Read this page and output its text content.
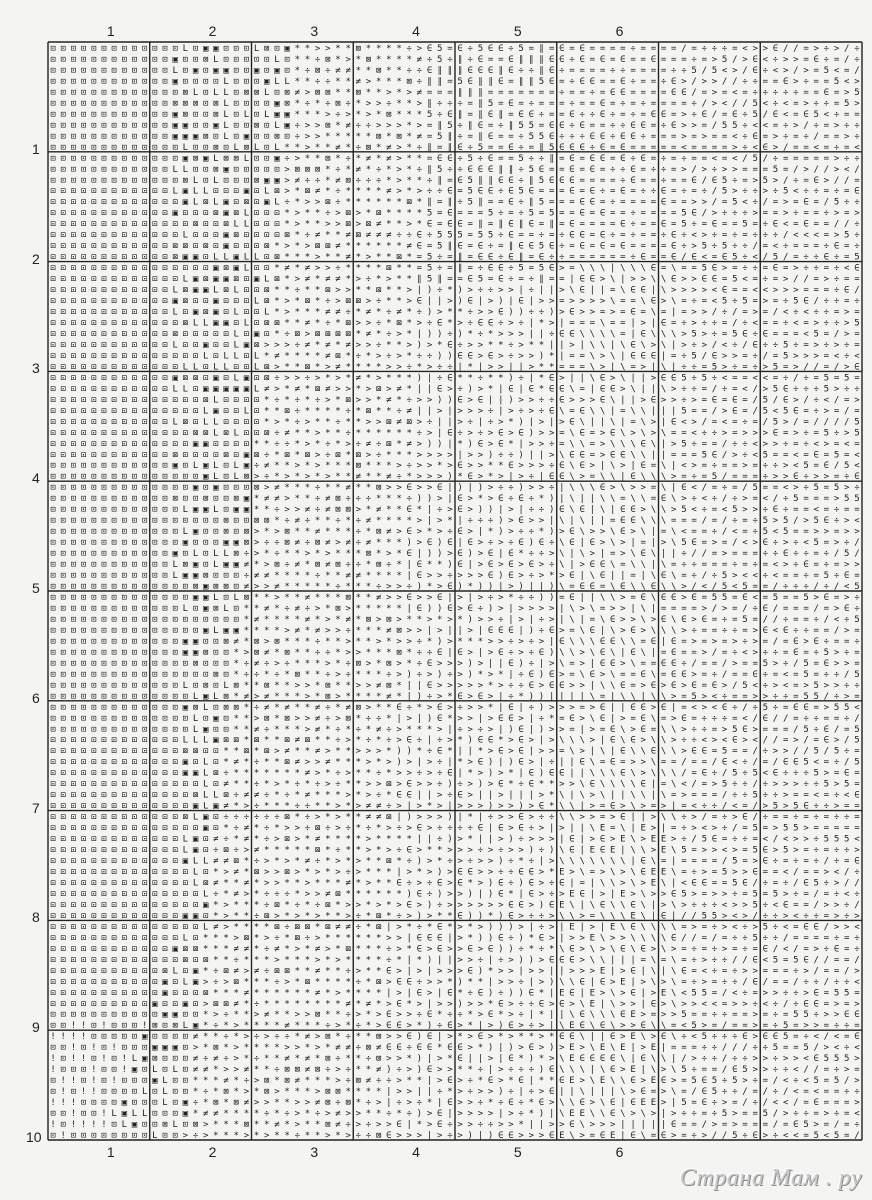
⊡ ⊡ ⊡ ⊡ ⊡ ⊡ ⊡ ⊡ ⊡ ⊡ ⊡ ⊡ ⊡ L ⊡ ▣ ▣ ⊡ ⊡ ⊡ L ⊠ ⊡ ▣ * * > > * * ⊠ * * * * ÷ > ∈ 5 = ∈ ÷ 5 ∈ ∈ ÷ 5 = ∥ = ∈ = ∈ = = = = ÷ = = = = / = ÷ ÷ ÷ = < > > ∈ / / = > ÷ > / ÷
⊡ ⊡ ⊡ ⊡ ⊡ ⊡ ⊡ ⊡ ⊡ ⊡ ⊡ ⊡ ▣ ⊡ ⊡ ⊠ L ⊡ ⊡ ⊡ ⊡ ⊡ L ⊡ * * ÷ ⊠ * > * ⊠ * * * * ≠ ÷ 5 ÷ ∥ ÷ ∈ = = ∈ ∥ ∥ ∥ ∈ ∈ ÷ ∈ = ∈ = ∈ = = ∈ = = = ÷ = > 5 / > ∈ < ÷ > > = ∈ ÷ = / ÷
⊡ ⊡ ⊡ ⊡ ⊡ ⊡ ⊡ ⊡ ⊡ ⊡ ⊡ ⊡ L ⊡ ▣ ⊡ ▣ ▣ ⊡ ⊡ ▣ ⊡ ▣ ⊡ * ÷ ⊠ ÷ ≠ ≠ * * ⊠ * * ÷ ÷ ∈ ∥ ∥ ∥ ∈ ∈ ∈ ∥ ∈ ÷ ÷ ∥ ∈ ÷ = = = = ÷ ÷ = = = = ÷ ÷ 5 / 5 < > / ∈ ÷ < > / > = 5 < = /
⊡ ⊡ ⊡ ⊡ ⊡ ⊡ ⊡ ⊡ ⊡ ⊡ ⊡ ⊡ ▣ ⊡ ⊡ ⊡ ⊡ L ⊡ ⊡ ⊡ ▣ L L * * ÷ ÷ * * ≠ > * * * ⊠ ÷ ∥ ∥ = 5 ∈ ∥ ∥ ∈ = ∥ ∥ 5 ∈ = ÷ ∈ ∈ = = ∈ ÷ = = ÷ ∈ > / > > / / ÷ ÷ = = ∈ > ÷ = = 5 < >
⊡ ⊡ ⊡ ⊡ ⊡ ⊡ ⊡ ⊡ ⊡ ⊡ ⊡ ⊡ ⊡ ⊠ L ⊡ L L ⊡ ⊠ ⊠ L ⊡ ⊠ ≠ > ⊠ ⊠ * * ⊠ * * > * > ≠ = = = ∥ ∥ ∥ = = = = = = = ÷ = = ÷ = ∈ ∈ = = = = ∈ ∈ / = > = < = ÷ ÷ ÷ ÷ ÷ = = ∈ = > 5
⊡ ⊡ ⊡ ⊡ ⊡ ⊡ ⊡ ⊡ ⊡ ⊡ ⊡ ⊡ ⊠ ⊠ ⊠ ⊡ ⊠ L ⊡ ⊡ ⊡ ⊡ ▣ ⊠ * ÷ * ÷ ⊠ ÷ * > > ÷ * * > ∥ ÷ ÷ ÷ = ∥ 5 = ∈ = ÷ = = = ÷ = = ∈ = ÷ = ÷ = = = = ÷ / > < / / 5 < ÷ < = > ÷ ÷ = 5 >
⊡ ⊡ ⊡ ⊡ ⊡ ⊡ ⊡ ⊡ ⊡ ⊡ ⊡ ⊡ ▣ ⊠ ⊡ ⊡ ⊠ L ⊡ L ⊡ L ▣ ▣ * * * > ÷ > * > * ⊠ * * * 5 ÷ ∈ ∥ = ∥ ∈ ∥ = ∈ ∈ ÷ = = ∈ ÷ ÷ ∈ ÷ = ÷ = ∈ ∈ = > ÷ ∈ / = ∈ ÷ 5 / ∈ < = ∈ 5 < ÷ = =
⊡ ⊡ ⊡ ⊡ ⊡ ⊡ ⊡ ⊡ ⊡ ⊡ ⊡ ⊡ ▣ ▣ ⊡ ⊡ ▣ L ⊡ ⊡ ⊠ ⊡ L ▣ ÷ > > ⊠ * ≠ ÷ ÷ > > > * > = ∥ 5 ÷ ∥ ∈ = ÷ ∥ 5 5 = ∈ ∈ ÷ ∈ = = ÷ ÷ ∈ ∈ = ÷ ∈ > > = / 5 5 ÷ < < = ÷ > / ÷ = > ÷ ÷
⊡ ⊡ ⊡ ⊡ ⊡ ⊡ ⊡ ⊡ ⊡ ⊡ ⊡ ⊡ ▣ ▣ ▣ ⊠ ⊡ L ⊡ ▣ ⊡ ⊡ ⊠ ⊡ ÷ > > * * * * * ⊠ * ⊠ * ≠ = 5 ∥ ÷ = ∥ ∈ = = ÷ 5 5 ∈ ÷ ÷ ÷ ∈ ∈ ÷ ∈ ∈ ÷ = = = > = > = = < ÷ ∈ = > ÷ = ÷ / = = > ÷
⊡ ⊡ ⊡ ⊡ ⊡ ⊡ ⊡ ⊡ ⊡ ⊡ ⊡ ⊡ ⊡ L ⊡ ⊡ ⊠ ⊡ L ⊠ L ⊡ L * * > * * ≠ * ÷ ⊠ * ≠ > * ÷ ∥ = ∥ ∈ ÷ 5 = = ∈ ÷ = ∥ 5 ∈ ∈ ∈ ÷ ∈ = ∈ = = = = = < = = = = > ÷ < ∈ > / = = < = ÷ = <
⊡ ⊡ ⊡ ⊡ ⊡ ⊡ ⊡ ⊡ ⊡ ⊡ ⊡ ⊡ ⊡ ▣ ⊠ ▣ L ⊠ ⊠ L ⊡ ⊡ ▣ ÷ > * * ⊠ * ÷ * ≠ * ≠ > * * = ∈ ∈ ÷ 5 ÷ ∈ = = 5 ÷ ÷ ∥ = ∈ = ∈ ∈ = ∈ ÷ ∈ = ÷ = ÷ = = < = < / 5 / ÷ = = = = = > ÷ ÷
⊡ ⊡ ⊡ ⊡ ⊡ ⊡ ⊡ ⊡ ⊡ ⊡ ⊡ ⊡ L L ⊡ ⊡ ⊠ ▣ ⊡ ⊡ ⊡ ⊡ ⊡ > ⊠ ⊠ ⊠ * ÷ * ≠ * ÷ * > * ÷ ∥ 5 ÷ ÷ ∈ ∈ ∈ ∥ ∥ ÷ 5 ∈ = = ∈ = ∈ = ÷ ÷ ∈ = ÷ ÷ = > / > ÷ > > = = = 5 = / > / / > < /
⊡ ⊡ ⊡ ⊡ ⊡ ⊡ ⊡ ⊡ ⊡ ⊡ ⊡ ⊡ ⊡ ⊠ L ⊡ L ⊡ ⊡ ⊡ ⊠ ▣ ▣ > ≠ ÷ ÷ * ≠ ⊠ ÷ ÷ ÷ * > * * ÷ ∥ = ∈ 5 ∥ ∥ ∈ ∈ ÷ ∥ 5 ∈ ∈ ∈ = = = = ÷ ∈ = = ÷ = = ∈ / ∈ 5 ÷ = > 5 > / ÷ = ∈ > / / =
⊡ ⊡ ⊡ ⊡ ⊡ ⊡ ⊡ ⊡ ⊡ ⊡ ⊡ ⊡ L ▣ L L ⊡ ⊡ ⊡ ▣ ⊡ L ⊠ > * ⊠ ≠ * ÷ * * * * ≠ > * > ÷ ÷ ∈ = 5 ∈ ∈ ÷ ∈ 5 ∈ = = = ∈ = ∈ ÷ = ∈ = ÷ ÷ ∈ = ÷ = ÷ / 5 > ÷ ÷ > ÷ 5 < ÷ ÷ = ÷ = ∈
⊡ ⊡ ⊡ ⊡ ⊡ ⊡ ⊡ ⊡ ⊡ ⊡ ⊡ ⊡ ⊡ ▣ L ⊠ L ▣ ⊡ ⊠ ⊡ ▣ L ÷ * > > ⊠ ÷ * * * * * * ⊠ * ∥ = ∥ ÷ 5 ∥ = = ∈ ÷ ∥ 5 = = = ∈ ∈ = ÷ = = = = ∈ = = > > / = 5 < ÷ / = > = ∈ = / 5 ÷ ÷
⊡ ⊡ ⊡ ⊡ ⊡ ⊡ ⊡ ⊡ ⊡ ⊡ ⊡ ⊡ ▣ ⊡ ⊡ ⊡ ⊠ ▣ ⊠ L ⊡ ⊡ ⊡ * > * * ÷ > ⊠ > * ⊠ * * * * 5 = ∈ = = = 5 ÷ = ÷ 5 = 5 = = ∈ = ∈ = = ÷ = = = = 5 ∈ / > ÷ ÷ ÷ > = = > ÷ = = ÷ > = >
⊡ ⊡ ⊡ ⊡ ⊡ ⊡ ⊡ ⊡ ⊡ ⊡ ⊡ ⊡ ⊡ ⊡ ⊠ ⊡ ⊡ ⊠ L L ⊡ ⊡ ⊡ * > * * > > ⊠ > ⊠ ≠ * * > * ∈ = ∈ ∈ = ∥ = ∥ ∈ ∥ ∈ = ∥ = ∈ = = = = ∈ ÷ = = ∈ = 5 ÷ = ∈ = = 5 = ÷ ∈ < = ∈ = = / / ÷
⊡ ⊡ ⊡ ⊡ ⊡ ⊡ ⊡ ⊡ ⊡ ⊡ ⊡ ⊡ ⊡ L ⊡ ⊡ ⊡ ▣ ⊠ ⊡ ⊡ ⊡ ⊡ ⊠ * ÷ ≠ * * ≠ ⊠ ≠ ≠ ≠ ÷ ÷ ∈ ÷ 5 5 5 = 5 5 ÷ ∈ = = ÷ = ÷ ∈ ∈ = ∈ ÷ = ÷ = = ÷ ∈ ÷ < > ÷ = ÷ = ÷ ÷ ÷ / < < < = > 5 ÷
⊡ ⊡ ⊡ ⊡ ⊡ ⊡ ⊡ ⊡ ⊡ ⊡ ⊡ ⊡ ⊠ ⊠ ⊡ ⊠ ⊡ ▣ ⊡ ⊡ ⊡ ⊠ * > * > ⊠ ⊠ ≠ * * * * * * ≠ ∈ = 5 ∥ ∈ = ∈ ÷ = ∥ ∈ ∈ 5 ∈ ÷ = ∈ = ∈ = ∈ = = = = ∈ ÷ > 5 ÷ 5 ÷ ÷ / = < ÷ = = = ÷ ∈ = ÷
⊡ ⊡ ⊡ ⊡ ⊡ ⊡ ⊡ ⊡ ⊡ ⊡ ⊡ ⊡ ⊠ ▣ ▣ ⊡ L L ▣ L L ⊡ ⊠ * * * > * * ≠ * > * * ⊠ * = 5 ÷ = ∥ = ∈ ∈ ÷ ∈ ∥ = ∈ ÷ ÷ = = = = = = ÷ ∈ = = ∈ / ∈ < = ∈ 5 ÷ < / 5 / = ÷ ÷ ∈ ÷ = 5
⊡ ⊡ ⊡ ⊡ ⊡ ⊡ ⊡ ⊡ ⊡ ⊡ ⊡ ⊡ ⊡ ⊡ ⊡ ⊡ ▣ ⊠ ▣ L ⊡ ⊡ * ≠ * ≠ > > ÷ * * * * ⊠ * * = 5 ÷ = ∥ = ÷ ∈ ∈ ÷ 5 = 5 ∈ > = \ \ \ | \ \ \ ∈ = \ = = 5 ∈ > = ÷ ÷ = ∈ = > ÷ ÷ = ÷ < ∈
⊡ ⊡ ⊡ ⊡ ⊡ ⊡ ⊡ ⊡ ⊡ ⊡ ⊡ ⊡ ⊡ L ▣ ⊠ ▣ ▣ ⊠ ⊡ ▣ L ⊠ * > ≠ * ≠ ≠ * > ÷ * > * * ∥ 5 ∥ = = ∈ 5 = ∈ ÷ = ÷ ∥ = = | ∈ ∈ > \ | > > \ \ ∈ > > ∈ ∈ = 5 < = ÷ = > / / = > ÷ = =
⊡ ⊡ ⊡ ⊡ ⊡ ⊡ ⊡ ⊡ ⊡ ⊡ ⊡ ⊡ L ⊠ ▣ ▣ L ⊠ L ⊡ ⊡ ⊠ * * ÷ * * ⊠ > > * * ⊠ * * > | ) ÷ * ) > ÷ ÷ > > | ÷ | | > \ ∈ | | = \ ∈ ∈ | \ > > > > < ∈ = = < < > > > = = = ÷ ∈ /
⊡ ⊡ ⊡ ⊡ ⊡ ⊡ ⊡ ⊡ ⊡ ⊡ ⊡ ⊡ ▣ ⊠ ⊡ ⊡ ▣ ⊡ ⊡ ⊡ L ⊠ * > * ⊠ * ÷ > ⊠ ⊠ > ÷ * * > ∈ | | > ) ∈ | > ) | ∈ | > > = > > > > \ = = \ ∈ > \ = ÷ = < 5 ÷ 5 = > = ÷ 5 ∈ / ÷ ÷ = ÷
⊡ ⊡ ⊡ ⊡ ⊡ ⊡ ⊡ ⊡ ⊡ ⊡ ⊡ ⊡ L ⊡ ▣ ⊠ ▣ ⊡ L ⊡ ⊡ L * > * * * ≠ ≠ ÷ * ≠ * ÷ ≠ * ÷ ) > * * ÷ > > ∈ ) ) ÷ ÷ ) > ∈ > > = > = ∈ = \ = | = > > / ÷ / = > = / < ÷ < ÷ ÷ = > =
⊡ ⊡ ⊡ ⊡ ⊡ ⊡ ⊡ ⊡ ⊡ ⊡ ⊡ ⊡ ⊡ ⊠ L L ▣ ▣ ⊡ L ⊡ ⊠ ⊠ * * ≠ * ÷ * ⊠ > > ÷ * ⊠ * > ÷ ∈ * > ÷ ∈ ∈ ÷ > ÷ | * > | = = = \ = = | > | ∈ = ÷ > ÷ ÷ = / ÷ < = = ÷ < = > ÷ ÷ > 5
⊡ ⊡ ⊡ ⊡ ⊡ ⊡ ⊡ ⊡ ⊡ ⊡ ⊡ ⊡ ⊠ ⊡ ⊡ ⊡ ⊡ ⊡ L ⊡ ▣ ⊡ * ÷ ⊠ > ⊠ ⊠ ⊠ ⊠ * ≠ * ÷ > * | ) ) ÷ ) * ÷ * > > > | | ÷ ∈ ∈ \ \ \ \ = | ∈ \ \ \ > 5 > ÷ = 5 ∈ ÷ ∈ = = = < 5 = / > =
⊡ ⊡ ⊡ ⊡ ⊡ ⊡ ⊡ ⊡ ⊡ ⊡ ⊡ ⊡ L ⊡ ⊡ ▣ ⊡ ⊡ L ▣ ⊠ > > > ÷ ≠ * ≠ * ≠ > > ÷ * * > ) > * ∈ ÷ > > * * ÷ > * * | | > | \ \ | \ ∈ \ > \ | > ÷ > / < ÷ / ∈ ÷ ÷ 5 ÷ = > ÷ > ÷ =
⊡ ⊡ ⊡ ⊡ ⊡ ⊡ ⊡ ⊡ ⊡ ⊡ ⊡ ⊡ ⊡ ⊡ ⊡ L ⊡ L L ⊡ L * ≠ * * * * ≠ ⊠ * ÷ * > ÷ > * ÷ ÷ ) ) ∈ ∈ > ∈ > ÷ > > ) * | = = \ > \ | ∈ ∈ ∈ | = ÷ 5 / ∈ > > = ÷ / = 5 > > > = < ÷ <
⊡ ⊡ ⊡ ⊡ ⊡ ⊡ ⊡ ⊡ ⊡ ⊡ ⊡ ⊡ ⊡ L L ⊡ L L ⊡ ⊡ L ⊠ > * * ⊠ * > ≠ * * * * > > ÷ * > ÷ ÷ | * | > > | | > * * = = = \ > | \ = > | \ | ÷ ÷ = 5 > ÷ = ÷ > 5 = > / / = / > ∈
⊡ ⊡ ⊡ ⊡ ⊡ ⊡ ⊡ ⊡ ⊡ ⊡ ⊡ ⊡ ▣ ⊠ ⊠ ⊡ ▣ ⊡ L ▣ ⊡ ⊠ ÷ > > ÷ > * > * ≠ * > * * * ) | ÷ ∈ * * ÷ * * ) ÷ | * ∈ > | | \ ∈ > \ | | > ∈ ∈ 5 ÷ 5 ÷ < = = < < = ÷ / ÷ = 5 = 5 =
⊡ ⊡ ⊡ ⊡ ⊡ ⊡ ⊡ ⊡ ⊡ ⊡ ⊡ ⊡ L L ⊡ ▣ ▣ ▣ ▣ ▣ L ≠ > * ≠ * ⊠ ≠ > > * > ⊠ > ≠ * | | ∈ > ÷ ) > * | ∈ | ∈ * ∈ ∈ \ = | ∈ ∈ > \ | | \ > ÷ ÷ = / ÷ = < / > 5 ∈ ÷ ÷ ÷ 5 > ÷ ÷
⊡ ⊡ ⊡ ⊡ ⊡ ⊡ ⊡ ⊡ ⊡ ⊡ ⊡ ⊡ ⊡ ⊡ ⊡ ⊠ L ⊡ ⊡ ⊡ ⊡ * ÷ * ÷ * ÷ > * ⊠ > > * ≠ * ÷ > > ) ) ∈ > ∈ | | ) > > ÷ ÷ ∈ > > > ∈ \ | | > ∈ > > ÷ > = ∈ = ∈ = / 5 / ∈ > / ÷ < / = >
⊡ ⊡ ⊡ ⊡ ⊡ ⊡ ⊡ ⊡ ⊡ ⊡ ⊡ ⊡ ⊡ ⊡ ⊡ L ▣ ⊡ ⊡ L ⊡ * * ⊠ ÷ * * * * ÷ * ⊠ * * ÷ ≠ | | > | > > > ÷ | > ÷ > ÷ ∈ \ = ∈ \ \ | = \ \ | | | 5 = = / > ∈ = / 5 < 5 ∈ = ÷ > = / =
⊡ ⊡ ⊡ ⊡ ⊡ ⊡ ⊡ ⊡ ⊡ ⊡ ⊡ ⊡ L ⊠ ⊡ L L ⊡ ⊡ ⊡ ⊡ * > * ÷ > * * ÷ * * > > ⊠ ≠ ⊠ > ÷ | | > ÷ | ÷ > * ) | > | > ∈ \ | | \ | = \ > | ∈ < > / = < = ÷ = / 5 > / = / / / / 5
⊡ ⊡ ⊡ ⊡ ⊡ ⊡ ⊡ ⊡ ⊡ ⊡ ⊡ ⊡ ⊡ ⊡ ⊠ ⊠ L ⊠ L ⊡ ⊡ ⊠ ÷ ≠ * * > * * ÷ * * * * * * ÷ > | ∈ ÷ > ÷ > ∈ > ∈ ) > > = \ ∈ = > ∈ \ > \ > \ = = < ÷ ÷ > = > > > ∈ = > ÷ = 5 ÷ > 5
⊡ ⊡ ⊡ ⊡ ⊡ ⊡ ⊡ ⊡ ⊡ ⊡ ⊡ ⊡ ⊡ ⊡ ▣ ▣ ⊡ ⊡ ⊡ ⊡ * * ÷ ÷ * > * ÷ * > ÷ ≠ ÷ ⊠ * ≠ > ) ) | * ) ∈ > ∈ * | > > ÷ = \ \ = > \ \ \ ∈ \ | > 5 ÷ = = / ÷ ÷ < > > ÷ = ÷ < > = < =
⊡ ⊡ ⊡ ⊡ ⊡ ⊡ ⊡ ⊡ ⊡ ⊡ ⊡ ⊡ ⊠ ⊡ ⊡ ⊡ ⊡ ⊠ ⊡ ▣ ⊠ ÷ * ⊠ * ⊠ > ÷ ⊠ * ⊠ > ÷ * * * > > > > | > > ) ÷ ÷ ) | | > \ ∈ ∈ = > ∈ ∈ \ \ | | = = = 5 ∈ / > ÷ < 5 = = < = ∈ = 5 = <
⊡ ⊡ ⊡ ⊡ ⊡ ⊡ ⊡ ⊡ ⊡ ⊡ ⊡ ⊡ ▣ ⊡ L ▣ L ⊡ L ▣ ÷ ≠ * * > * > * * * ⊠ * * * > ÷ > > * > ∈ > > * * ∈ > > > ÷ ∈ \ ∈ > | \ > | ∈ = \ | < > = ÷ = = > = ÷ ÷ > < 5 = ∈ / 5 <
⊡ ⊡ ⊡ ⊡ ⊡ ⊡ ⊡ ⊡ ⊡ ⊡ ⊡ ⊡ ⊡ ⊡ ⊡ ▣ L ⊡ L ⊠ > ÷ * > * > * > * * ≠ * * ≠ ÷ * > > > ) * ∈ > * > | > ÷ | ∈ ∈ \ > = \ \ | ∈ \ \ \ > = ÷ = 5 / = = = ÷ > > ∈ ÷ > > = ÷ ∈
⊡ ⊡ ⊡ ⊡ ⊡ ⊡ ⊡ ⊡ ⊡ ⊡ ⊡ ⊡ ⊡ ⊡ ▣ ⊡ ▣ ⊡ ⊡ ⊡ ⊠ > ≠ * * * ÷ * * ≠ * * ⊠ > > ∈ > > ∈ | ) | ) > ÷ ÷ ) > > ÷ | \ \ \ ∈ > \ > > = \ | ∈ < / = ÷ = / 5 = = < > ÷ 5 = 5 > ÷
⊡ ⊡ ⊡ ⊡ ⊡ ⊡ ⊡ ⊡ ⊡ ⊡ ⊡ ⊡ ⊠ ⊡ ⊡ ⊠ ⊡ ⊡ ⊠ ▣ * ≠ ≠ > * * ÷ ≠ ⊠ ÷ ÷ ÷ * * * ÷ ) ) > | ∈ > * > ∈ ÷ ∈ ÷ * ) | \ | | \ \ = \ \ = ∈ \ > ÷ < ÷ / ÷ > = < / ÷ 5 = = = > 5 5
⊡ ⊡ ⊡ ⊡ ⊡ ⊡ ⊡ ⊡ ⊡ ⊡ ⊡ ⊡ ⊡ L ▣ ▣ L ⊡ ▣ ▣ * * ÷ > > ≠ ÷ ≠ ⊠ ⊠ > * ≠ * * ∈ * | ÷ > ∈ > ) ) | > | ÷ ÷ ) ∈ \ ∈ | \ | ∈ ∈ > \ \ > 5 < ÷ = < 5 > > ÷ ∈ ÷ = = < = ÷ = =
⊡ ⊡ ⊡ ⊡ ⊡ ⊡ ⊡ ⊡ ⊡ ⊡ ⊡ ⊡ ⊡ ⊡ ⊡ ⊡ ⊡ ⊠ ⊡ ⊡ ⊠ ⊠ * ÷ ≠ ÷ * * ÷ * ÷ ≠ * * * * > | > * | ÷ ÷ ÷ ) > ∈ > > | \ | \ | | = ∈ ∈ \ \ \ = = = / = / ÷ = ÷ 5 > 5 / > 5 ∈ ÷ > <
⊡ ⊡ ⊡ ⊡ ⊡ ⊡ ⊡ ⊡ ⊡ ⊡ ⊡ ⊡ ⊡ L ▣ ⊡ ⊡ ⊠ ⊡ ⊠ > * > ⊠ * * ≠ * * * ÷ * ⊠ ≠ > ∈ > * > ÷ ∈ > | * ) > ÷ ÷ * ) > ∈ \ > > \ ∈ > \ | = \ < = = ÷ / < = ÷ 5 < 5 = = > > = > >
⊡ ⊡ ⊡ ⊡ ⊡ ⊡ ⊡ ⊡ ⊡ ⊡ ⊡ ⊡ ⊡ ▣ ⊡ ⊡ ⊡ ▣ ▣ ⊠ > ÷ ÷ ⊠ ≠ ÷ ⊠ ≠ > ≠ ÷ ≠ * * * ) > ∈ ) ∈ | ∈ > ÷ > ÷ ∈ ) ∈ ÷ \ ∈ | ∈ > \ > | = | > \ 5 ∈ = > = / < > ∈ ÷ > ÷ < 5 = > ÷ /
⊡ ⊡ ⊡ ⊡ ⊡ ⊡ ⊡ ⊡ ⊡ ⊡ ⊡ ⊡ ▣ ⊡ L ⊡ L L ⊠ ÷ > * ÷ * * > * > * * * ⊠ * > * ∈ | ) ) > ∈ ) > ∈ | ∈ * ÷ ÷ > \ | \ > | = > \ ∈ \ | | ÷ / / = > = = = ÷ ÷ ∈ ÷ ÷ = ÷ / 5 /
⊡ ⊡ ⊡ ⊡ ⊡ ⊡ ⊡ ⊡ ⊡ ⊡ ⊡ ⊡ L ⊠ ▣ ⊡ L ▣ ▣ ≠ * > ⊠ ÷ ≠ * ⊠ ≠ ⊠ ÷ ÷ * ⊠ ÷ * | ∈ * * ) ∈ | > ∈ > ∈ > ∈ > ÷ \ | > ∈ ∈ \ = \ \ | \ = ÷ ÷ = = = ÷ = ÷ = < > ÷ ∈ = ÷ = > >
⊡ ⊡ ⊡ ⊡ ⊡ ⊡ ⊡ ⊡ ⊡ ⊡ ⊡ ⊡ L ▣ ▣ ⊠ ⊡ ⊡ ⊡ ÷ ≠ ≠ * * * * ÷ * * ≠ ≠ * * * * | ∈ > > ÷ > > > ∈ ) ∈ > ÷ > * > ∈ | \ ∈ | | = | \ ∈ \ = ÷ / ÷ 5 > < < ÷ < = = ÷ = 5 ÷ ∈ =
⊡ ⊡ ⊡ ⊡ ⊡ ⊡ ⊡ ⊡ ⊡ ⊡ ⊡ ⊡ ⊡ ⊡ ⊠ ▣ ⊠ ⊠ ⊡ ≠ > > ≠ * * * * * ÷ * * * ÷ > > ÷ ) * > ∈ ) * ) ) | > ) | | ) \ = ∈ ∈ = \ ∈ \ \ ∈ \ \ > / < / 5 < 5 = = / ÷ ÷ ÷ / ÷ / < 5
⊡ ⊡ ⊡ ⊡ ⊡ ⊡ ⊡ ⊡ ⊡ ⊡ ⊡ ⊡ ⊡ ⊡ ▣ ▣ L ⊡ L ⊠ * * > * * ≠ * * * ⊠ * * ≠ > > ∈ > > ∈ | > | > ÷ > * ÷ ÷ ) ) = ∈ | | \ \ > = ∈ \ ∈ ∈ > ∈ = 5 5 = ∈ < = 5 = = 5 > ∈ = > ÷
⊡ ⊡ ⊡ ⊡ ⊡ ⊡ ⊡ ⊡ ⊡ ⊡ ⊡ ⊡ ⊡ L ⊡ ▣ ⊠ L ⊡ * * ≠ * ÷ ≠ ÷ > * ⊠ > * * * * * | ∈ ) ) ∈ > ∈ ÷ ) > | > > > > | \ > \ = > > | \ | = = = = > / > = / ÷ ∈ / = = = / = > ∈ ÷
⊡ ⊡ ⊡ ⊡ ⊡ ⊡ ⊡ ⊡ ⊡ ⊡ ⊡ ⊡ ⊡ ⊡ ⊡ ⊡ ⊡ ⊡ ⊡ * ≠ * * * * ≠ * > * ≠ * ⊠ > ⊠ > * * > * > * ) > > ÷ | > | ÷ > | \ | = \ ∈ > > \ > ∈ \ ∈ > ∈ = ÷ = 5 = / / ÷ = = ÷ / < ÷ 5
⊡ ⊡ ⊡ ⊡ ⊡ ⊡ ⊡ ⊡ ⊡ ⊡ ⊡ ⊡ ⊡ ⊡ ⊡ ▣ L ▣ ▣ * * * * > ≠ * ≠ > > ÷ * * * ≠ ⊠ > > | > | | > | ∈ ∈ ∈ | ) ÷ ∈ > = \ ∈ | \ > ∈ > \ \ \ > ÷ = = ÷ ÷ = > ∈ < ∈ ÷ ÷ = = / > =
⊡ ⊡ ⊡ ⊡ ⊡ ⊡ ⊡ ⊡ ⊡ ⊡ ⊡ ⊡ ⊡ ▣ ▣ ⊡ ⊡ ⊠ ≠ * ⊠ > ⊠ * * * ÷ * * > * * > * > > ÷ * ) > * * * > > ÷ > ÷ > | ∈ \ \ \ ∈ ∈ \ \ = ∈ | ∈ = > = > = > ÷ > = / = ∈ > ∈ ÷ = = ÷
⊡ ⊡ ⊡ ⊡ ⊡ ⊡ ⊡ ⊡ ⊡ ⊡ ⊡ ⊡ ⊡ ▣ ▣ ⊠ ⊡ ⊡ * > ⊠ ≠ * ⊠ * * ÷ ÷ * > > * * * ⊠ * ÷ ÷ ∈ | ∈ > | > ∈ ÷ > ÷ ∈ ) \ \ > \ ∈ \ | ∈ \ | = ∈ = = > / = ÷ < > ÷ ÷ = ∈ = ÷ 5 > ÷ =
⊡ ⊡ ⊡ ⊡ ⊡ ⊡ ⊡ ⊡ ⊡ ⊡ ⊡ ⊡ ⊡ ⊡ ⊠ ⊡ ⊡ ⊡ * ÷ ≠ ÷ > ÷ * * * > * ÷ ⊠ > * ⊠ > * ÷ ∈ > > > ) > | | ∈ ) ÷ | > \ = > | ∈ ∈ > \ = = ∈ ∈ ÷ / = = / > = = 5 > ÷ / 5 = ∈ > > =
⊡ ⊡ ⊡ ⊡ ⊡ ⊡ ⊡ ⊡ ⊡ ⊡ ⊡ ⊡ ⊡ ⊡ ⊡ ⊡ ⊠ ⊡ * ÷ ÷ * ÷ * ⊠ * * ÷ > ÷ * * * ÷ > ) ÷ > ) ÷ > ) * > * | ÷ ∈ ) ∈ > = \ ∈ > \ = = ∈ \ = ∈ ∈ > = ÷ / = = ∈ ÷ = < = 5 = ÷ ÷ / 5
⊡ ⊡ ⊡ ⊡ ⊡ ⊡ ⊡ ⊡ ⊡ ⊡ ⊡ ⊡ ⊡ L ⊡ ⊠ ⊡ L ⊠ * * ⊠ * * > > * ⊠ * * > > ≠ ⊠ * | | ∈ > > > > > * > ÷ ÷ ∈ > ∈ ∈ > > | \ \ ∈ = > ∈ > ∈ > ∈ = ∈ > / 5 < ÷ > < = > 5 > > ÷ ÷
⊡ ⊡ ⊡ ⊡ ⊡ ⊡ ⊡ ⊡ ⊡ ⊡ ⊡ ⊡ ⊡ ⊡ L ▣ L ⊠ * ≠ > ≠ * * * > * ⊠ > * * * * ≠ * | ) ÷ > * ∈ > ∈ > | ÷ * ) ) | | | | \ = | \ \ | \ \ > = 5 > < ÷ = = > > ÷ ÷ = 5 5 / ÷ > =
⊡ ⊡ ⊡ ⊡ ⊡ ⊡ ⊡ ⊡ ⊡ ⊡ ⊡ ⊡ ⊡ ▣ ⊠ L ⊡ ⊠ ⊠ * ÷ ≠ * ≠ * * ≠ ÷ * ≠ ⊠ > * * ∈ ÷ * > ∈ > ÷ > > * | ∈ | ÷ ) > > > = > ∈ | | ∈ ∈ > ∈ | = < > < ∈ ÷ / ÷ 5 ÷ = ∈ ∈ = > 5 5 <
⊡ ⊡ ⊡ ⊡ ⊡ ⊡ ⊡ ⊡ ⊡ ⊡ ⊡ ⊡ ⊡ ⊡ L ⊡ ▣ ⊡ * * > ⊠ * ⊠ > > ≠ ÷ > ⊠ * ÷ ÷ * | > | ) ∈ * > > | > ∈ ∈ > | ÷ * = ∈ > \ ∈ | > = ∈ \ = > ∈ = ÷ ÷ ÷ = < / ∈ / / = ÷ ÷ = = ÷ /
⊡ ⊡ ⊡ ⊡ ⊡ ⊡ ⊡ ⊡ ⊡ ⊡ ⊡ ⊡ ⊡ ⊡ L ▣ ⊡ ⊡ * * ≠ ÷ * * * > ≠ * ÷ * ÷ * ≠ ÷ > * * * > | ÷ > ÷ > | ) ∈ | ) > > = | > = ∈ \ > ∈ = \ \ > ÷ ÷ = > 5 ∈ > = = = / 5 ÷ ∈ / = 5
⊡ ⊡ ⊡ ⊡ ⊡ ⊡ ⊡ ⊡ ⊡ ⊡ ⊡ ⊡ ⊡ L L L ▣ ⊠ ⊠ * ⊠ * * ⊠ ≠ ⊠ * * ÷ > * ÷ * ÷ > ∈ ÷ | ÷ > * ) ∈ ∈ * > ∈ > | > \ \ \ > | ∈ \ ∈ > \ \ > ÷ ÷ < > < ∈ > < / / = > / = ∈ > / 5
⊡ ⊡ ⊡ ⊡ ⊡ ⊡ ⊡ ⊡ ⊡ ⊡ ⊡ ⊡ ⊡ ⊠ ⊠ ⊡ ⊡ * * ⊠ * ⊠ > ≠ * * ≠ > * * > > > * ) ) * ÷ ∈ * | | * > ∈ > ∈ | > > = \ > | \ | ∈ \ \ ∈ \ \ > ∈ ∈ = 5 = = / ÷ > > / / 5 / 5 ÷ =
⊡ ⊡ ⊡ ⊡ ⊡ ⊡ ⊡ ⊡ ⊡ ⊡ ⊡ ⊡ ⊡ ▣ ⊡ L ⊡ * ≠ * ÷ * * ⊠ ≠ > > ≠ * * * > * > ) > | > ÷ | * > ∈ ) | ) ∈ > | ÷ | | ∈ \ = ∈ = > > \ = = / = = / ∈ < ÷ / = / ∈ ∈ 5 < = ÷ / 5
⊡ ⊡ ⊡ ⊡ ⊡ ⊡ ⊡ ⊡ ⊡ ⊡ ⊡ ⊡ ⊡ ▣ ▣ L ⊠ ÷ * * * * * * * ≠ > * ÷ > * * ÷ * > > ÷ > ÷ ∈ | * > ) > * | ∈ ) ∈ ∈ | | \ \ \ ∈ \ > \ \ \ / = ∈ ÷ / 5 ÷ 5 < ∈ ÷ ÷ ÷ 5 > = ∈ =
⊡ ⊡ ⊡ ⊡ ⊡ ⊡ ⊡ ⊡ ⊡ ⊡ ⊡ ⊡ ⊡ ⊡ ⊡ L ⊡ ≠ * * ÷ * > * ÷ * ÷ > ÷ * * > > ⊠ > ∈ > > ÷ ) ÷ > ) > ∈ * ÷ ∈ * * > > \ ∈ \ \ \ \ ∈ | = \ < / = > 5 ÷ ÷ / ÷ > > > ÷ ÷ 5 > 5 =
⊡ ⊡ ⊡ ⊡ ⊡ ⊡ ⊡ ⊡ ⊡ ⊡ ⊡ ⊡ ⊡ ⊡ ⊠ L L ⊠ ÷ ≠ ≠ ÷ * ÷ * ≠ * * * > * > ÷ * ∈ ∈ | | > ÷ ∈ > | | > | | | > * \ | \ > \ | | \ \ | \ = > = = = / ÷ ÷ 5 ÷ ÷ > = = < = ÷ < ∈
⊡ ⊡ ⊡ ⊡ ⊡ ⊡ ⊡ ⊡ ⊡ ⊡ ⊡ ⊡ ⊡ ⊡ ▣ L ▣ ≠ * > ÷ * * * ÷ ÷ * * > * > ≠ ≠ ÷ > | > * > | > > > ) > > ) > ∈ * \ \ | > = ∈ > \ > = > | = < ÷ ÷ / < = / > 5 > 5 ∈ ÷ ÷ > = =
⊡ ⊡ ⊡ ⊡ ⊡ ⊡ ⊡ ⊡ ⊡ ⊡ ⊡ ⊡ ⊡ ⊠ L ▣ ⊡ ÷ ÷ ÷ ÷ ÷ ÷ ⊠ * ÷ > * > * * ≠ ≠ ⊠ | ) > > > ) | * | ÷ > > ∈ > ÷ ÷ \ \ > > = > ∈ | | > \ \ ÷ > / = ÷ > ∈ / ÷ = = ÷ = ÷ = ÷ ÷ =
⊡ ⊡ ⊡ ⊡ ⊡ ⊡ ⊡ ⊡ ⊡ ⊡ ⊡ ⊡ ⊡ ⊡ ⊡ ▣ ⊡ * ÷ ≠ * ÷ * > > ÷ ⊠ ÷ > ÷ * ÷ * > ÷ > ∈ > ÷ ÷ ÷ ÷ ∈ | ∈ > ∈ ÷ > | > | | \ E = \ | E > | = ÷ > < > ÷ / = 5 = > 5 5 > = = = = =
⊡ ⊡ ⊡ ⊡ ⊡ ⊡ ⊡ ⊡ ⊡ ⊡ ⊡ ⊡ ⊡ L ▣ ⊡ ≠ ÷ * ≠ * ÷ > ⊠ > * ≠ * * * * > * * * * | | ÷ ) > * | | > ) ÷ > > > | ∈ | > ∈ > E \ > E E > ÷ / 5 ∈ = ÷ ÷ = < / < > > ÷ 5 5 5 <
⊡ ⊡ ⊡ ⊡ ⊡ ⊡ ⊡ ⊡ ⊡ ⊡ ⊡ ⊡ ⊡ L ▣ ⊡ ÷ ⊠ ÷ > ≠ * * * * * ⊠ * ÷ * * > * > ÷ ∈ > * * > > > ÷ > ÷ > > ) ÷ ) \ ∈ | E ∈ E | \ \ > E \ 5 = > > < > = 5 ∈ > 5 > = ÷ = ÷ ÷ >
⊡ ⊡ ⊡ ⊡ ⊡ ⊡ ⊡ ⊡ ⊡ ⊡ ⊡ ⊡ ⊡ ▣ L L ≠ ≠ ⊠ * ÷ > * > * ≠ ÷ * > * > * * ⊠ * ÷ ) > * ÷ > ÷ > > ) ÷ * ÷ | > \ \ \ \ \ \ \ | ∈ \ = | = = = = / 5 = > ∈ ÷ = ÷ = ÷ / ÷ = ∈
⊡ ⊡ ⊡ ⊡ ⊡ ⊡ ⊡ ⊡ ⊡ ⊡ ⊡ ⊡ ⊡ ⊡ L ⊡ * > ≠ * ⊠ > > ⊠ > * > * > ÷ > * * * | > * > ) > ∈ ∈ > > ÷ ÷ ∈ ∈ > * E > \ = > \ > \ ∈ E E \ = ÷ > = 5 > > ∈ = = < / = = > < / ÷
⊡ ⊡ ⊡ ⊡ ⊡ ⊡ ⊡ ⊡ ⊡ ⊡ ⊡ ⊡ ⊡ ⊡ L ⊠ ≠ * * ≠ * > > * * > * * * ≠ * > * * ∈ ÷ > ÷ ∈ > ∈ * > ) ∈ ÷ ) ∈ > ÷ ∈ | = | \ \ > \ > E \ | < ∈ ∈ = = 5 ∈ / ÷ = ÷ / ∈ 5 ÷ > / /
⊡ ⊡ ⊡ ⊡ ⊡ ⊡ ⊡ ⊡ ⊡ ⊡ ⊡ ⊡ ⊡ ⊡ ⊡ L ÷ * ≠ > * ÷ ÷ ÷ * > > ≠ ⊠ * * * * * * ) ∈ ÷ ) > > ) | ) ∈ * | ∈ > ÷ > E ∈ | > | E > \ > > ∈ 5 > = > > ÷ = 5 = 5 > ÷ = / = ÷ < ÷
⊡ ⊡ ⊡ ⊡ ⊡ ⊡ ⊡ ⊡ ⊡ ⊡ ⊡ ⊡ ⊡ ⊡ ⊡ ▣ * > * * * ÷ ⊠ * ÷ * ÷ ⊠ * > > * > * > ∈ > ) ÷ > > > > > > ∈ ∈ > ) ∈ E \ | \ ∈ \ \ ∈ \ | > \ > ÷ ÷ ÷ < > > 5 ÷ < ∈ = = / > > ÷ /
⊡ ⊡ ⊡ ⊡ ⊡ ⊡ ⊡ ⊡ ⊡ ⊡ ⊡ ⊡ ⊡ ▣ ▣ ⊡ * > * * ÷ ⊠ > * > * > * * > ÷ * ⊠ * ÷ > ) > * * ∈ ) ) * ) ∈ > ÷ ÷ > \ \ > = \ \ \ E \ | ∈ | / / 5 5 > < > / ÷ ÷ > < ÷ ÷ = > ÷ >
⊡ ⊡ ⊡ ⊡ ⊡ ⊡ ⊡ ⊡ ⊡ ⊡ ⊡ ⊡ ⊡ ⊡ ⊡ L ≠ > * * * * ⊠ ÷ ⊠ ⊠ * ⊠ ≠ ≠ ÷ * ⊠ | > * ÷ * ∈ * > * > ) ) ) > | ÷ > | E | > | E \ ∈ \ \ \ \ = > = ÷ > < ÷ > 5 ÷ < = ∈ ∈ / > > <
⊡ ⊡ ⊡ ⊡ ⊡ ⊡ ⊡ ⊡ ⊡ ⊡ ⊡ ⊡ ⊡ L ⊡ * * * > ⊠ * > ÷ * ⊠ ÷ > * * * * * * > > | ∈ ∈ ∈ | > * ) ) ∈ ÷ ) * ∈ > | > > E \ > > \ \ \ \ ∈ / / = / = ÷ ÷ 5 ÷ ÷ / = = = = ÷ = ÷
⊡ ⊡ ⊡ ⊡ ⊡ ⊡ ⊡ ⊡ ⊡ ⊡ ⊡ ⊡ ▣ ⊠ ⊠ * * * ≠ ≠ * ÷ ≠ * > * ≠ > * ⊠ * * * ÷ > * ∈ > ∈ > > ∈ > ∈ ) ) ÷ * ÷ * \ ∈ > \ > \ ∈ \ ∈ > \ > = ÷ = ÷ > = ÷ = ∈ / < / = > ÷ ∈ = ÷
⊡ ⊡ ⊡ ⊡ ⊡ ⊡ ⊡ ⊡ ⊡ ⊡ ⊡ ⊡ ⊡ ⊠ ⊡ ⊠ * * ÷ * * * > * * * > * > * * * * ÷ * | * ) | | > > ÷ | ÷ > ) ) > ∈ ∈ ∈ > \ \ | | | = \ = \ = ÷ > ÷ ÷ / / ∈ < 5 = 5 ∈ / / = = /
⊡ ⊡ ⊡ ⊡ ⊡ ⊡ ⊡ ⊡ ⊡ ⊡ ⊡ ⊠ L ⊡ ▣ * ÷ ⊠ ≠ > ≠ ÷ ⊠ ⊠ * * ≠ * * ÷ > * * ∈ > | > | > > > ∈ ) * > > | > > | | > > > E | > ∈ | \ | \ ∈ = < ÷ = ÷ > > = = = ÷ > / = = / >
⊡ ⊡ ⊡ ⊡ ⊡ ⊡ ⊡ ⊡ ⊡ ⊡ ⊡ ▣ ⊡ L ▣ > ÷ > ⊠ * * * ÷ > * ⊠ * * * * ÷ * ⊠ > ∈ ∈ ÷ > > * ) * * | > > ÷ | > ) \ \ ∈ | ∈ > E | > \ > \ = ÷ > = ÷ ÷ / ∈ / = = / ÷ ÷ / ÷ ÷ <
⊡ ⊡ ⊡ ⊡ ⊡ ⊡ ⊡ ⊡ ⊡ ⊡ ⊡ ▣ ⊡ ⊡ ⊡ ⊠ * * * ≠ * * * * * * ≠ * > * * * * | > | ∈ > | ∈ * ÷ ∈ ) ÷ ) ) ∈ * | E ∈ | E > \ > ∈ | > E \ < 5 5 = / < ÷ = > > ÷ ÷ > ∈ = 5 5 =
⊡ ⊡ ⊡ ⊡ ⊡ ⊡ ⊡ ⊡ ⊡ ⊡ ▣ ⊡ ⊡ ▣ ⊡ > ⊠ ⊠ ≠ * ÷ * * * * * * * * ≠ * ≠ * > ∈ * > | > > ) > > * ∈ > ÷ ÷ ∈ > ∈ > \ E | \ > > | ∈ > \ > > < < = > > ÷ < ÷ / ÷ ∈ ∈ = > = >
⊡ ⊡ ⊡ ⊡ ⊡ ⊡ ⊡ ⊡ ⊡ ⊡ ⊡ ▣ ▣ ⊡ ⊡ * > ÷ * * > ≠ * * > > ⊠ * * ÷ > * > ∈ > > ÷ ∈ * ÷ ÷ * > ∈ * > ÷ | * | | \ ∈ \ \ \ ∈ E > = > > 5 = = ÷ ÷ = = > = ÷ = 5 5 ÷ > > ∈ ∈
⊡ ⊡ ! ! ⊡ ! ⊡ ⊡ ⊡ ! ⊠ ⊡ ⊠ L ▣ * ÷ * > * * * * ≠ * * * ÷ > * ÷ * > ∈ ∈ > * ) ÷ ∈ > * | > ) ∈ > ÷ > | \ E ∈ \ ∈ \ > > ∈ \ \ = < 5 > = / = = > = ÷ 5 = > > = ÷ ÷ =
! ! ! ! ⊡ ⊡ ⊡ ⊡ ⊡ ▣ ⊡ ⊡ ⊡ ⊡ ≠ * * ÷ * > ÷ > ÷ ÷ * ≠ > ⊠ * ÷ * * ⊠ > > ∈ ) ∈ | > * > ∈ > * > * * > * ∈ ∈ \ | | ∈ > E \ > ∈ \ ÷ < 5 ÷ ÷ ÷ ∈ > ∈ ∈ 5 = ÷ < / < = ∈
⊡ ⊡ ! ⊡ ! ⊡ ! ⊡ ⊡ ⊡ ▣ ▣ ▣ ⊡ > * ⊠ * > * * * * > > * > * ≠ ≠ ÷ ⊠ ≠ ∈ ∈ ÷ ∈ ∈ * ∈ ∈ > * ) | ) > ∈ > ) > E > \ E \ E | > E | = = = ÷ ÷ / / / ÷ ÷ 5 = = 5 / > < ÷ <
! ⊡ ! ! ⊡ ! ⊡ ! L ▣ ⊠ ⊡ ⊡ ⊡ ≠ ÷ ≠ ÷ > * ÷ * * ≠ * ≠ * ⊠ ÷ * * ÷ ⊠ > > * ) | > * ∈ | | > | ∈ * ) * > \ E ∈ ∈ ∈ ∈ \ | ∈ \ \ | / > ÷ ÷ / ÷ ÷ > > ÷ > > < ∈ 5 5 5 >
! ⊡ ⊡ ⊡ ! ⊡ ⊡ ! ▣ ⊡ L ⊡ L ⊡ ≠ ≠ * > > ≠ * * ÷ ⊠ ⊠ ≠ ⊠ ÷ > ÷ * * ≠ ) ÷ > ) ∈ > > * * ÷ | > ÷ ÷ ÷ ) ∈ \ \ \ | \ ∈ > E | \ > \ 5 ÷ = = / ∈ 5 > > ÷ ÷ < / / = ÷ > =
⊡ ! ! ⊡ ! ⊡ ! ⊡ ⊡ ⊡ ▣ L ⊡ ⊡ * * * ≠ * ÷ > ⊠ * ⊠ ≠ * * * > ÷ ⊠ ≠ ÷ ÷ > * * | > ∈ > ÷ * ∈ > * ∈ | * * ∈ E > \ E \ \ ∈ > E ∈ > = 5 ∈ 5 ÷ 5 > ÷ = / < ÷ < 5 = 5 / >
⊡ ! ⊡ ! ! ⊡ ⊡ ⊡ ⊡ L ⊡ L ⊡ ⊡ * ÷ * ⊠ * > * ⊠ > * * * > ⊠ ⊠ * * * * | > > | | ÷ * > ÷ > > ) ÷ | ÷ > ∈ | | \ | | | \ > ∈ = > \ = / ∈ 5 ÷ ÷ / = / ÷ / < = < = = ÷ ÷
! ! ! ⊡ ⊡ ⊡ ⊡ ▣ ⊡ ⊡ ⊡ L ⊡ ▣ ÷ * ⊠ * ⊠ ≠ > > * * > > ≠ ⊠ ÷ ⊠ * ÷ > | ÷ > ÷ * | ∈ > > ÷ * ÷ ∈ ÷ * ∈ > \ \ ∈ > \ ∈ | ∈ E E > | 5 = ∈ ÷ > = / ÷ / < < / = ∈ = = = >
⊡ ⊡ ! ⊡ ⊡ ! L ▣ L L ⊡ ⊡ ⊡ ▣ * ≠ ≠ * * * * ÷ * ÷ > * ÷ > ≠ > > * * ÷ * ÷ ) > ∈ | > > > > | > ÷ * ) | \ E E \ \ ∈ \ > \ > | > ÷ ÷ = ÷ 5 > = = 5 / > ÷ ÷ = > ÷ = <
! ⊡ ! ! ! ! ⊡ L ▣ ⊡ ⊡ ⊠ L ⊡ ⊠ > * * * ⊠ * * ≠ * > * * ⊠ ≠ ÷ > ÷ > > ∈ | * > ∈ ÷ > > ÷ ÷ > > * | | > > ∈ \ > > > | | | | | ∈ = = / > = > = = = / = ∈ 5 > = / = ÷
⊡ ! ⊡ ⊡ ⊡ ⊡ ⊡ ⊡ ⊡ ⊡ L ⊡ ⊡ > ÷ > * * * > * > * * ÷ * * > * > ÷ ÷ ⊠ ∈ > > > | > ÷ > ) | ) ∈ ∈ > > > ∈ E \ > = ∈ E | ∈ \ = ∈ > = ÷ > / / 5 ÷ ∈ > ÷ < < = 5 < 5 = /
1	2	3	4	5	6
1	2	3	4	5	6
1
2
3
4
5
6
7
8
9
10
Страна Мам . ру
